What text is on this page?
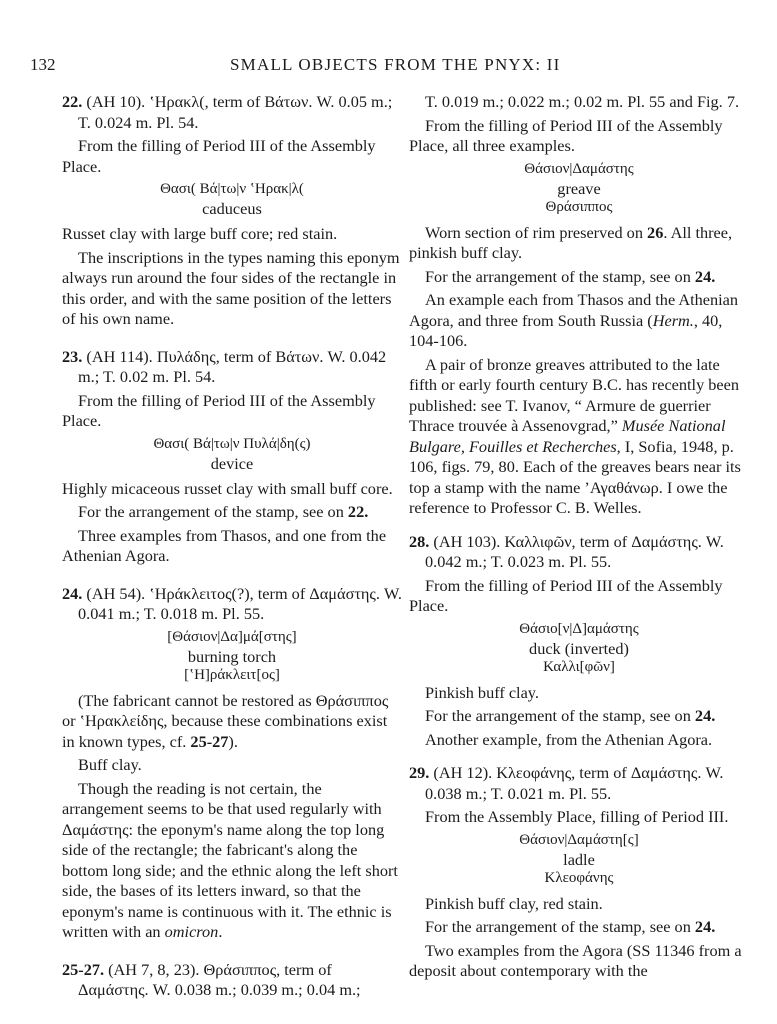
132	SMALL OBJECTS FROM THE PNYX: II

22. (AH 10). ʽΗρακλ(, term of Βάτων. W. 0.05 m.; T. 0.024 m. Pl. 54.

From the filling of Period III of the Assembly Place.

Θασι( Βά|τω|ν ʽΗρακ|λ(
caduceus

Russet clay with large buff core; red stain.

The inscriptions in the types naming this eponym always run around the four sides of the rectangle in this order, and with the same position of the letters of his own name.

23. (AH 114). Πυλάδης, term of Βάτων. W. 0.042 m.; T. 0.02 m. Pl. 54.

From the filling of Period III of the Assembly Place.

Θασι( Βά|τω|ν Πυλά|δη(ς)
device

Highly micaceous russet clay with small buff core.

For the arrangement of the stamp, see on 22.

Three examples from Thasos, and one from the Athenian Agora.

24. (AH 54). ʽΗράκλειτος(?), term of Δαμάστης. W. 0.041 m.; T. 0.018 m. Pl. 55.

[Θάσιον|Δα]μά[στης]
burning torch
[ʽΗ]ράκλειτ[ος]

(The fabricant cannot be restored as Θράσιππος or ʽΗρακλείδης, because these combinations exist in known types, cf. 25-27).

Buff clay.

Though the reading is not certain, the arrangement seems to be that used regularly with Δαμάστης: the eponym's name along the top long side of the rectangle; the fabricant's along the bottom long side; and the ethnic along the left short side, the bases of its letters inward, so that the eponym's name is continuous with it. The ethnic is written with an omicron.

25-27. (AH 7, 8, 23). Θράσιππος, term of Δαμάστης. W. 0.038 m.; 0.039 m.; 0.04 m.;

T. 0.019 m.; 0.022 m.; 0.02 m. Pl. 55 and Fig. 7.

From the filling of Period III of the Assembly Place, all three examples.

Θάσιον|Δαμάστης
greave
Θράσιππος

Worn section of rim preserved on 26. All three, pinkish buff clay.

For the arrangement of the stamp, see on 24.

An example each from Thasos and the Athenian Agora, and three from South Russia (Herm., 40, 104-106.

A pair of bronze greaves attributed to the late fifth or early fourth century B.C. has recently been published: see T. Ivanov, “ Armure de guerrier Thrace trouvée à Assenovgrad,” Musée National Bulgare, Fouilles et Recherches, I, Sofia, 1948, p. 106, figs. 79, 80. Each of the greaves bears near its top a stamp with the name ʼΑγαθάνωρ. I owe the reference to Professor C. B. Welles.

28. (AH 103). Καλλιφῶν, term of Δαμάστης. W. 0.042 m.; T. 0.023 m. Pl. 55.

From the filling of Period III of the Assembly Place.

Θάσιο[ν|Δ]αμάστης
duck (inverted)
Καλλι[φῶν]

Pinkish buff clay.

For the arrangement of the stamp, see on 24.

Another example, from the Athenian Agora.

29. (AH 12). Κλεοφάνης, term of Δαμάστης. W. 0.038 m.; T. 0.021 m. Pl. 55.

From the Assembly Place, filling of Period III.

Θάσιον|Δαμάστη[ς]
ladle
Κλεοφάνης

Pinkish buff clay, red stain.

For the arrangement of the stamp, see on 24.

Two examples from the Agora (SS 11346 from a deposit about contemporary with the
